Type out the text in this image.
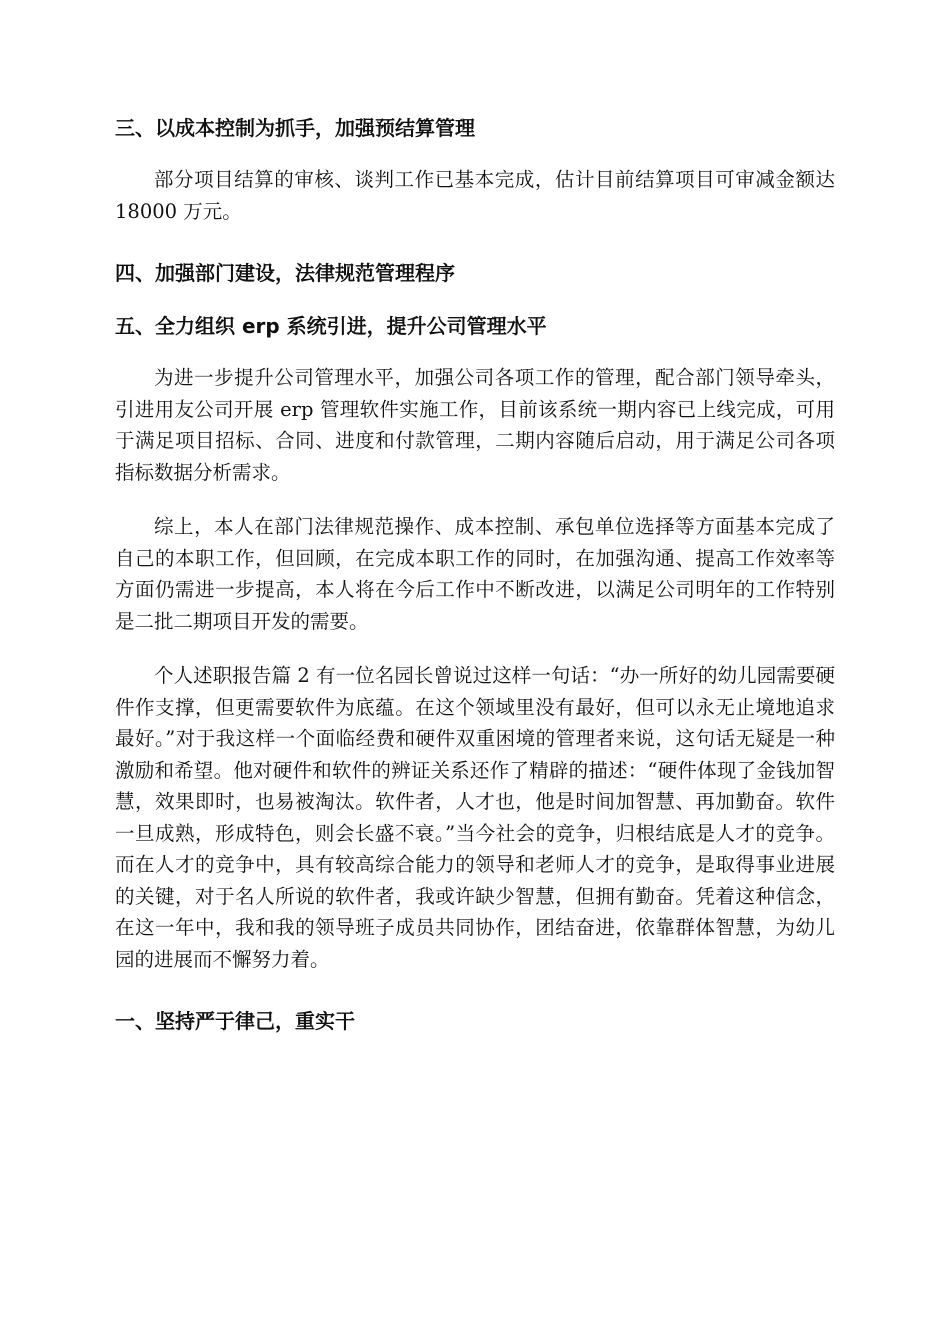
三、以成本控制为抓手，加强预结算管理

部分项目结算的审核、谈判工作已基本完成，估计目前结算项目可审减金额达 18000 万元。

四、加强部门建设，法律规范管理程序

五、全力组织 erp 系统引进，提升公司管理水平

为进一步提升公司管理水平，加强公司各项工作的管理，配合部门领导牵头，引进用友公司开展 erp 管理软件实施工作，目前该系统一期内容已上线完成，可用于满足项目招标、合同、进度和付款管理，二期内容随后启动，用于满足公司各项指标数据分析需求。

综上，本人在部门法律规范操作、成本控制、承包单位选择等方面基本完成了自己的本职工作，但回顾，在完成本职工作的同时，在加强沟通、提高工作效率等方面仍需进一步提高，本人将在今后工作中不断改进，以满足公司明年的工作特别是二批二期项目开发的需要。

个人述职报告篇 2 有一位名园长曾说过这样一句话：“办一所好的幼儿园需要硬件作支撑，但更需要软件为底蕴。在这个领域里没有最好，但可以永无止境地追求最好。”对于我这样一个面临经费和硬件双重困境的管理者来说，这句话无疑是一种激励和希望。他对硬件和软件的辨证关系还作了精辟的描述：“硬件体现了金钱加智慧，效果即时，也易被淘汰。软件者，人才也，他是时间加智慧、再加勤奋。软件一旦成熟，形成特色，则会长盛不衰。”当今社会的竞争，归根结底是人才的竞争。而在人才的竞争中，具有较高综合能力的领导和老师人才的竞争，是取得事业进展的关键，对于名人所说的软件者，我或许缺少智慧，但拥有勤奋。凭着这种信念，在这一年中，我和我的领导班子成员共同协作，团结奋进，依靠群体智慧，为幼儿园的进展而不懈努力着。

一、坚持严于律己，重实干
